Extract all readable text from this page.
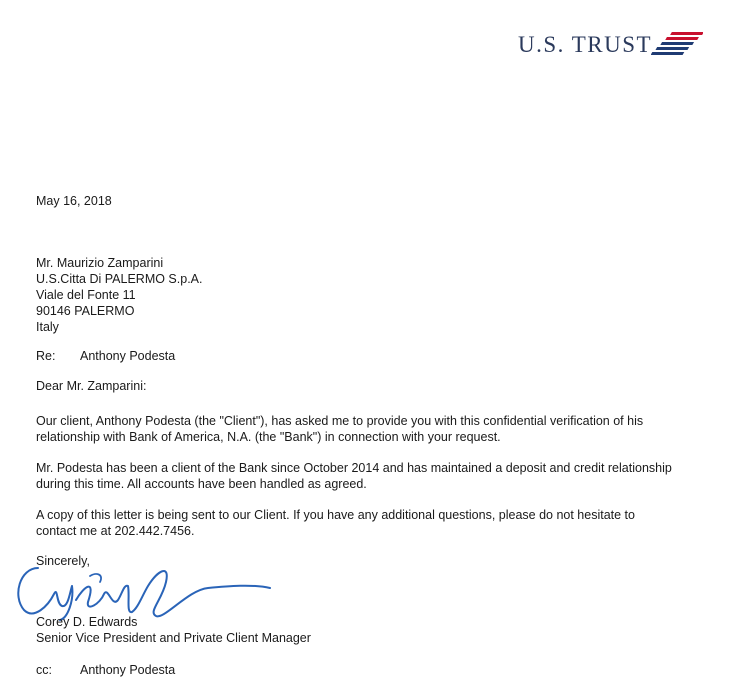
U.S. TRUST
May 16, 2018
Mr. Maurizio Zamparini
U.S.Citta Di PALERMO S.p.A.
Viale del Fonte 11
90146 PALERMO
Italy
Re: Anthony Podesta
Dear Mr. Zamparini:
Our client, Anthony Podesta (the "Client"), has asked me to provide you with this confidential verification of his
relationship with Bank of America, N.A. (the "Bank") in connection with your request.
Mr. Podesta has been a client of the Bank since October 2014 and has maintained a deposit and credit relationship
during this time. All accounts have been handled as agreed.
A copy of this letter is being sent to our Client. If you have any additional questions, please do not hesitate to
contact me at 202.442.7456.
Sincerely,
Corey D. Edwards
Senior Vice President and Private Client Manager
cc: Anthony Podesta
